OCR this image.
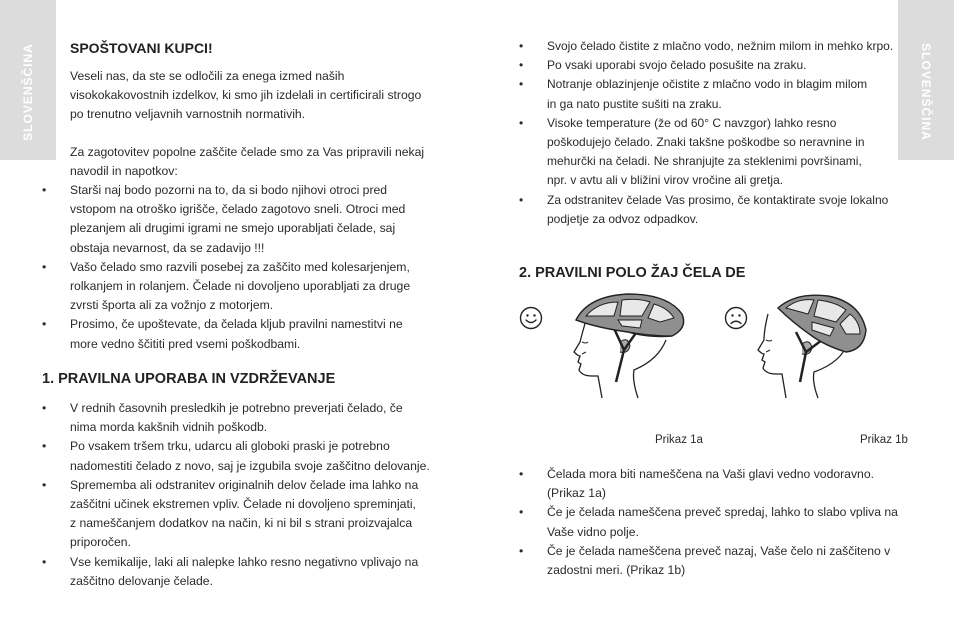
SLOVENŠČINA	SLOVENŠČINA
SPOŠTOVANI KUPCI!

Veseli nas, da ste se odločili za enega izmed naših
visokokakovostnih izdelkov, ki smo jih izdelali in certificirali strogo
po trenutno veljavnih varnostnih normativih.

Za zagotovitev popolne zaščite čelade smo za Vas pripravili nekaj
navodil in napotkov:

• Starši naj bodo pozorni na to, da si bodo njihovi otroci pred
vstopom na otroško igrišče, čelado zagotovo sneli. Otroci med
plezanjem ali drugimi igrami ne smejo uporabljati čelade, saj
obstaja nevarnost, da se zadavijo !!!
• Vašo čelado smo razvili posebej za zaščito med kolesarjenjem,
rolkanjem in rolanjem. Čelade ni dovoljeno uporabljati za druge
zvrsti športa ali za vožnjo z motorjem.
• Prosimo, če upoštevate, da čelada kljub pravilni namestitvi ne
more vedno ščititi pred vsemi poškodbami.
1. PRAVILNA UPORABA IN VZDRŽEVANJE
• V rednih časovnih presledkih je potrebno preverjati čelado, če
nima morda kakšnih vidnih poškodb.
• Po vsakem tršem trku, udarcu ali globoki praski je potrebno
nadomestiti čelado z novo, saj je izgubila svoje zaščitno delovanje.
• Sprememba ali odstranitev originalnih delov čelade ima lahko na
zaščitni učinek ekstremen vpliv. Čelade ni dovoljeno spreminjati,
z nameščanjem dodatkov na način, ki ni bil s strani proizvajalca
priporočen.
• Vse kemikalije, laki ali nalepke lahko resno negativno vplivajo na
zaščitno delovanje čelade.
• Svojo čelado čistite z mlačno vodo, nežnim milom in mehko krpo.
• Po vsaki uporabi svojo čelado posušite na zraku.
• Notranje oblazinjenje očistite z mlačno vodo in blagim milom
in ga nato pustite sušiti na zraku.
• Visoke temperature (že od 60° C navzgor) lahko resno
poškodujejo čelado. Znaki takšne poškodbe so neravnine in
mehurčki na čeladi. Ne shranjujte za steklenimi površinami,
npr. v avtu ali v bližini virov vročine ali gretja.
• Za odstranitev čelade Vas prosimo, če kontaktirate svoje lokalno
podjetje za odvoz odpadkov.
2. PRAVILNI POLO ŽAJ ČELA DE
Prikaz 1a	Prikaz 1b
• Čelada mora biti nameščena na Vaši glavi vedno vodoravno.
(Prikaz 1a)
• Če je čelada nameščena preveč spredaj, lahko to slabo vpliva na
Vaše vidno polje.
• Če je čelada nameščena preveč nazaj, Vaše čelo ni zaščiteno v
zadostni meri. (Prikaz 1b)
